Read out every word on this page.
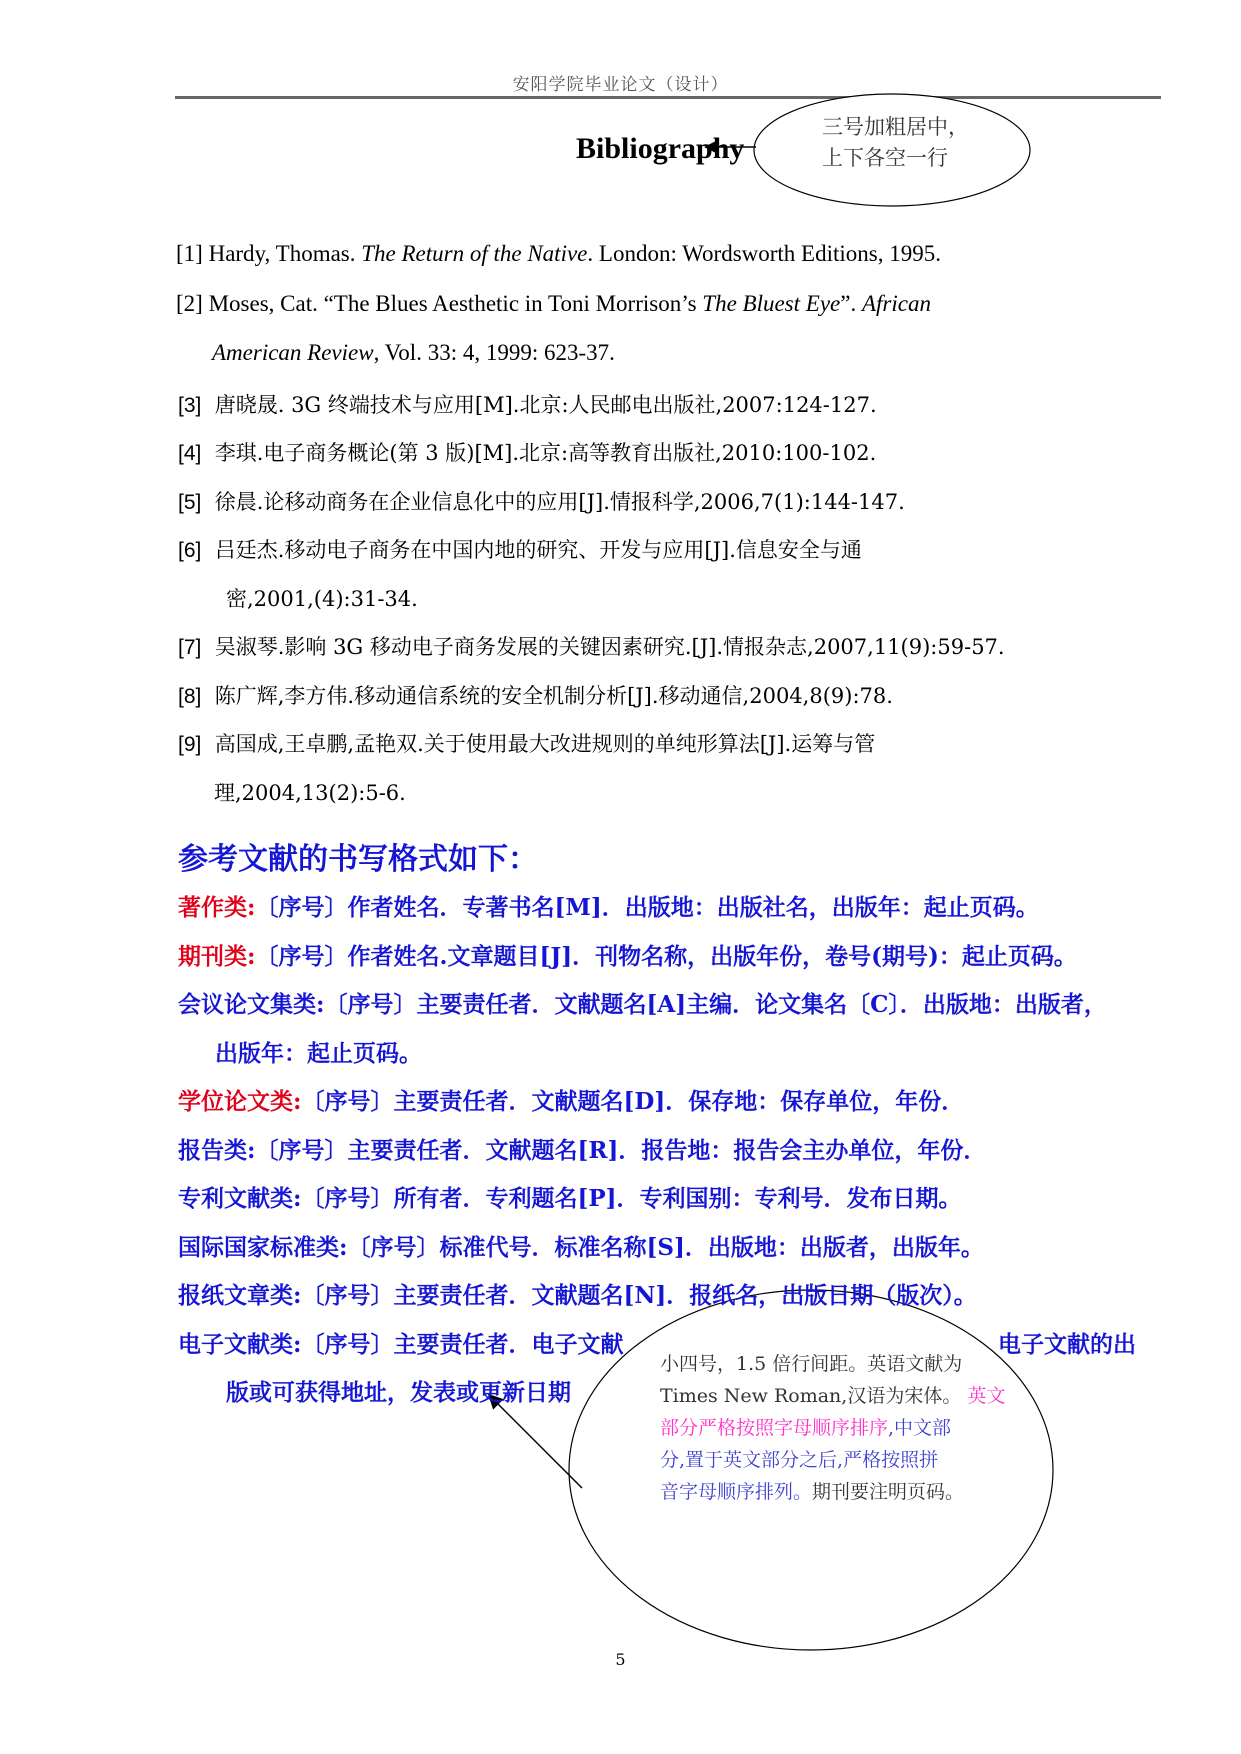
安阳学院毕业论文（设计）
Bibliography
三号加粗居中，
上下各空一行
[1] Hardy, Thomas. The Return of the Native. London: Wordsworth Editions, 1995.
[2] Moses, Cat. “The Blues Aesthetic in Toni Morrison’s The Bluest Eye”. African
American Review, Vol. 33: 4, 1999: 623-37.
[3] 唐晓晟. 3G 终端技术与应用[M].北京:人民邮电出版社,2007:124-127.
[4] 李琪.电子商务概论(第 3 版)[M].北京:高等教育出版社,2010:100-102.
[5] 徐晨.论移动商务在企业信息化中的应用[J].情报科学,2006,7(1):144-147.
[6] 吕廷杰.移动电子商务在中国内地的研究、开发与应用[J].信息安全与通
密,2001,(4):31-34.
[7] 吴淑琴.影响 3G 移动电子商务发展的关键因素研究.[J].情报杂志,2007,11(9):59-57.
[8] 陈广辉,李方伟.移动通信系统的安全机制分析[J].移动通信,2004,8(9):78.
[9] 高国成,王卓鹏,孟艳双.关于使用最大改进规则的单纯形算法[J].运筹与管
理,2004,13(2):5-6.
参考文献的书写格式如下：
著作类:〔序号〕作者姓名．专著书名[M]．出版地：出版社名，出版年：起止页码。
期刊类:〔序号〕作者姓名.文章题目[J]．刊物名称，出版年份，卷号(期号)：起止页码。
会议论文集类:〔序号〕主要责任者．文献题名[A]主编．论文集名〔C〕．出版地：出版者，
出版年：起止页码。
学位论文类:〔序号〕主要责任者．文献题名[D]．保存地：保存单位，年份．
报告类:〔序号〕主要责任者．文献题名[R]．报告地：报告会主办单位，年份．
专利文献类:〔序号〕所有者．专利题名[P]．专利国别：专利号．发布日期。
国际国家标准类:〔序号〕标准代号．标准名称[S]．出版地：出版者，出版年。
报纸文章类:〔序号〕主要责任者．文献题名[N]．报纸名，出版日期（版次）。
电子文献类:〔序号〕主要责任者．电子文献	电子文献的出
版或可获得地址，发表或更新日期
小四号，1.5 倍行间距。英语文献为
Times New Roman,汉语为宋体。 英文
部分严格按照字母顺序排序,中文部
分,置于英文部分之后,严格按照拼
音字母顺序排列。期刊要注明页码。
5
